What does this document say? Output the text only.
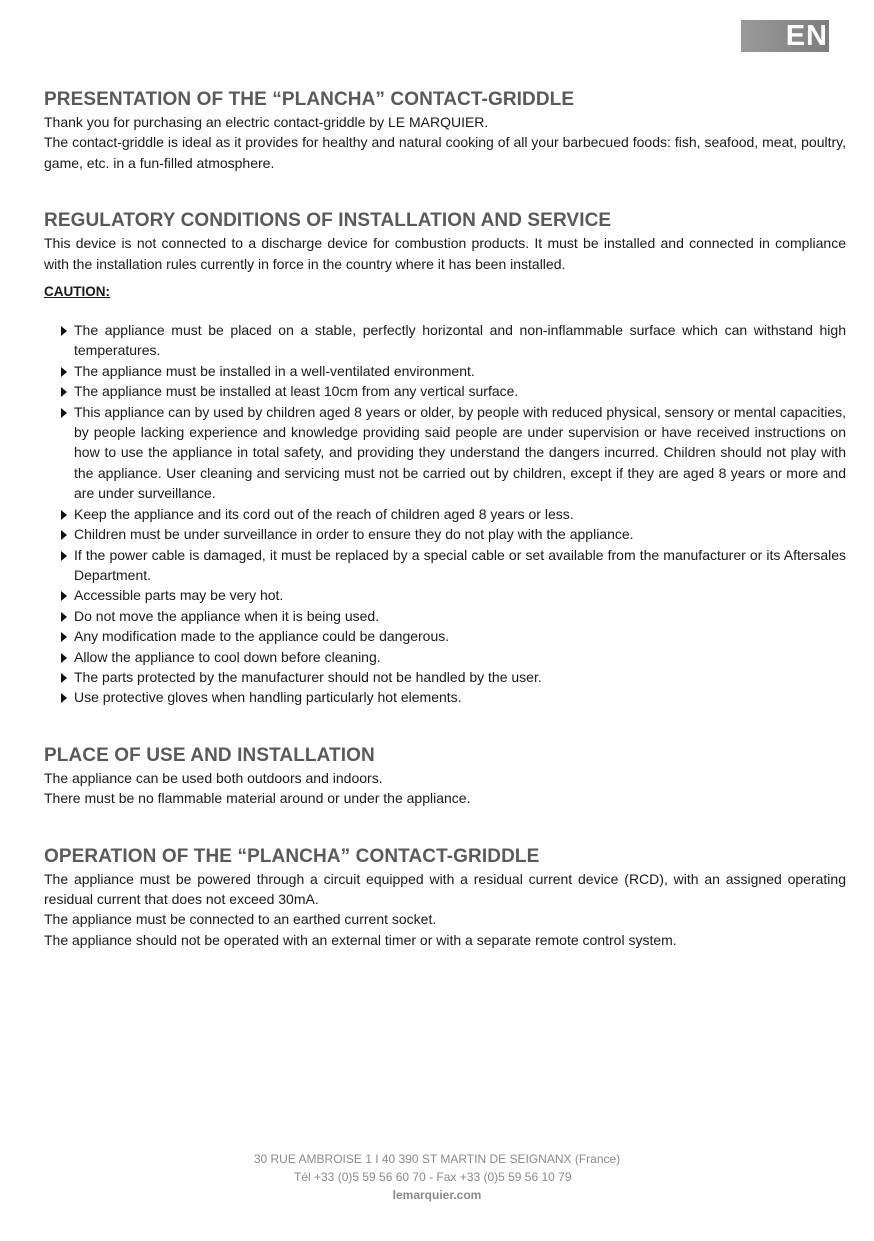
EN
PRESENTATION OF THE “PLANCHA” CONTACT-GRIDDLE

Thank you for purchasing an electric contact-griddle by LE MARQUIER.

The contact-griddle is ideal as it provides for healthy and natural cooking of all your barbecued foods: fish, seafood, meat, poultry, game, etc. in a fun-filled atmosphere.

REGULATORY CONDITIONS OF INSTALLATION AND SERVICE

This device is not connected to a discharge device for combustion products. It must be installed and connected in compliance with the installation rules currently in force in the country where it has been installed.

CAUTION:
The appliance must be placed on a stable, perfectly horizontal and non-inflammable surface which can withstand high temperatures.
The appliance must be installed in a well-ventilated environment.
The appliance must be installed at least 10cm from any vertical surface.
This appliance can by used by children aged 8 years or older, by people with reduced physical, sensory or mental capacities, by people lacking experience and knowledge providing said people are under supervision or have received instructions on how to use the appliance in total safety, and providing they understand the dangers incurred. Children should not play with the appliance. User cleaning and servicing must not be carried out by children, except if they are aged 8 years or more and are under surveillance.
Keep the appliance and its cord out of the reach of children aged 8 years or less.
Children must be under surveillance in order to ensure they do not play with the appliance.
If the power cable is damaged, it must be replaced by a special cable or set available from the manufacturer or its Aftersales Department.
Accessible parts may be very hot.
Do not move the appliance when it is being used.
Any modification made to the appliance could be dangerous.
Allow the appliance to cool down before cleaning.
The parts protected by the manufacturer should not be handled by the user.
Use protective gloves when handling particularly hot elements.
PLACE OF USE AND INSTALLATION

The appliance can be used both outdoors and indoors.

There must be no flammable material around or under the appliance.

OPERATION OF THE “PLANCHA” CONTACT-GRIDDLE

The appliance must be powered through a circuit equipped with a residual current device (RCD), with an assigned operating residual current that does not exceed 30mA.

The appliance must be connected to an earthed current socket.

The appliance should not be operated with an external timer or with a separate remote control system.

30 RUE AMBROISE 1 I 40 390 ST MARTIN DE SEIGNANX (France)
Tél +33 (0)5 59 56 60 70 - Fax +33 (0)5 59 56 10 79
lemarquier.com
